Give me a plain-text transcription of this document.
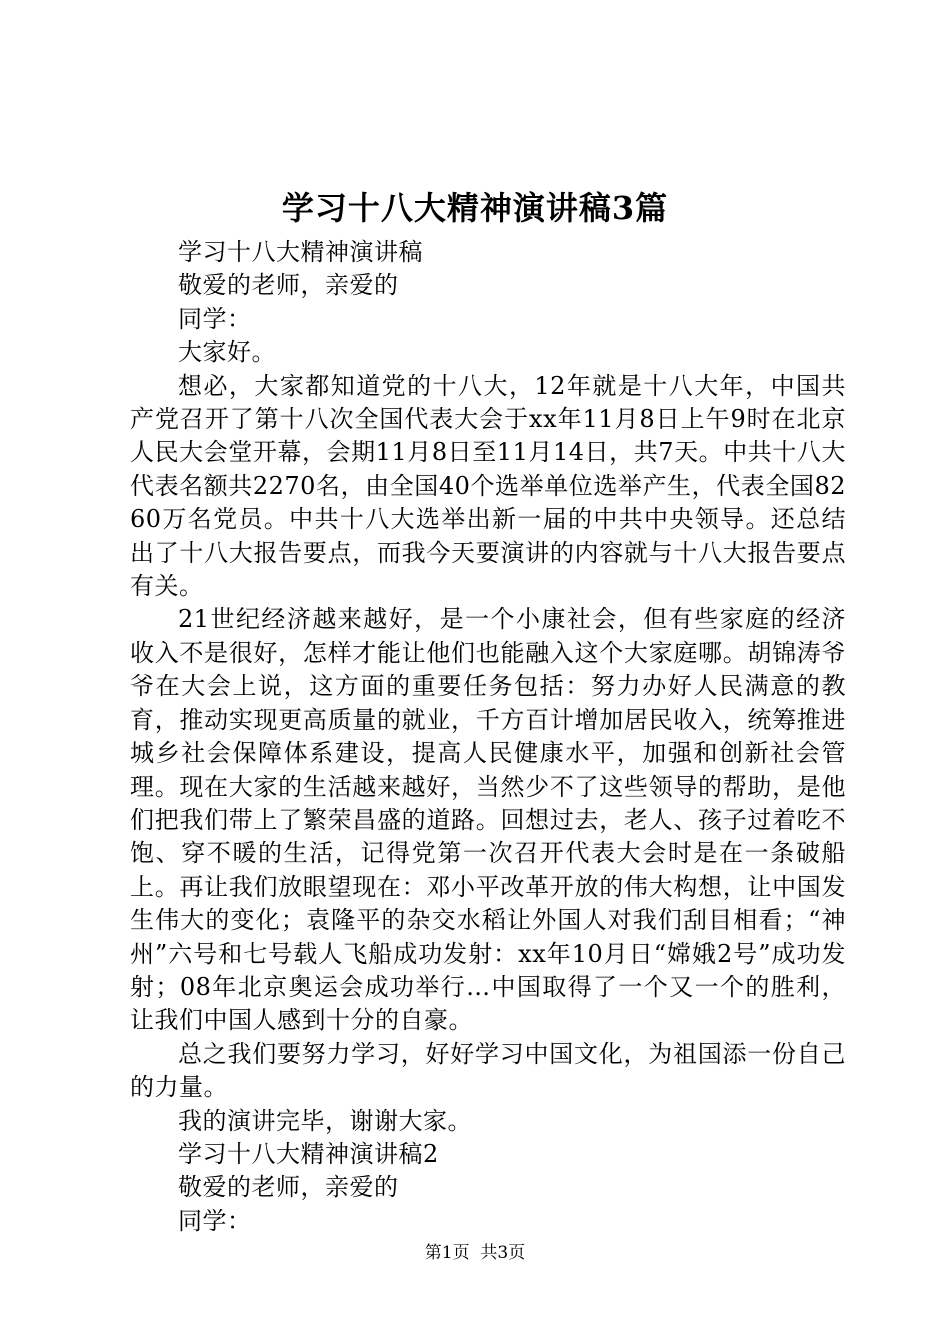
学习十八大精神演讲稿3篇

学习十八大精神演讲稿

敬爱的老师，亲爱的

同学：

大家好。

想必，大家都知道党的十八大，12年就是十八大年，中国共产党召开了第十八次全国代表大会于xx年11月8日上午9时在北京人民大会堂开幕，会期11月8日至11月14日，共7天。中共十八大代表名额共2270名，由全国40个选举单位选举产生，代表全国8260万名党员。中共十八大选举出新一届的中共中央领导。还总结出了十八大报告要点，而我今天要演讲的内容就与十八大报告要点有关。

21世纪经济越来越好，是一个小康社会，但有些家庭的经济收入不是很好，怎样才能让他们也能融入这个大家庭哪。胡锦涛爷爷在大会上说，这方面的重要任务包括：努力办好人民满意的教育，推动实现更高质量的就业，千方百计增加居民收入，统筹推进城乡社会保障体系建设，提高人民健康水平，加强和创新社会管理。现在大家的生活越来越好，当然少不了这些领导的帮助，是他们把我们带上了繁荣昌盛的道路。回想过去，老人、孩子过着吃不饱、穿不暖的生活，记得党第一次召开代表大会时是在一条破船上。再让我们放眼望现在：邓小平改革开放的伟大构想，让中国发生伟大的变化；袁隆平的杂交水稻让外国人对我们刮目相看；“神州”六号和七号载人飞船成功发射：xx年10月日“嫦娥2号”成功发射；08年北京奥运会成功举行…中国取得了一个又一个的胜利，让我们中国人感到十分的自豪。

总之我们要努力学习，好好学习中国文化，为祖国添一份自己的力量。

我的演讲完毕，谢谢大家。

学习十八大精神演讲稿2

敬爱的老师，亲爱的

同学：

第1页 共3页
